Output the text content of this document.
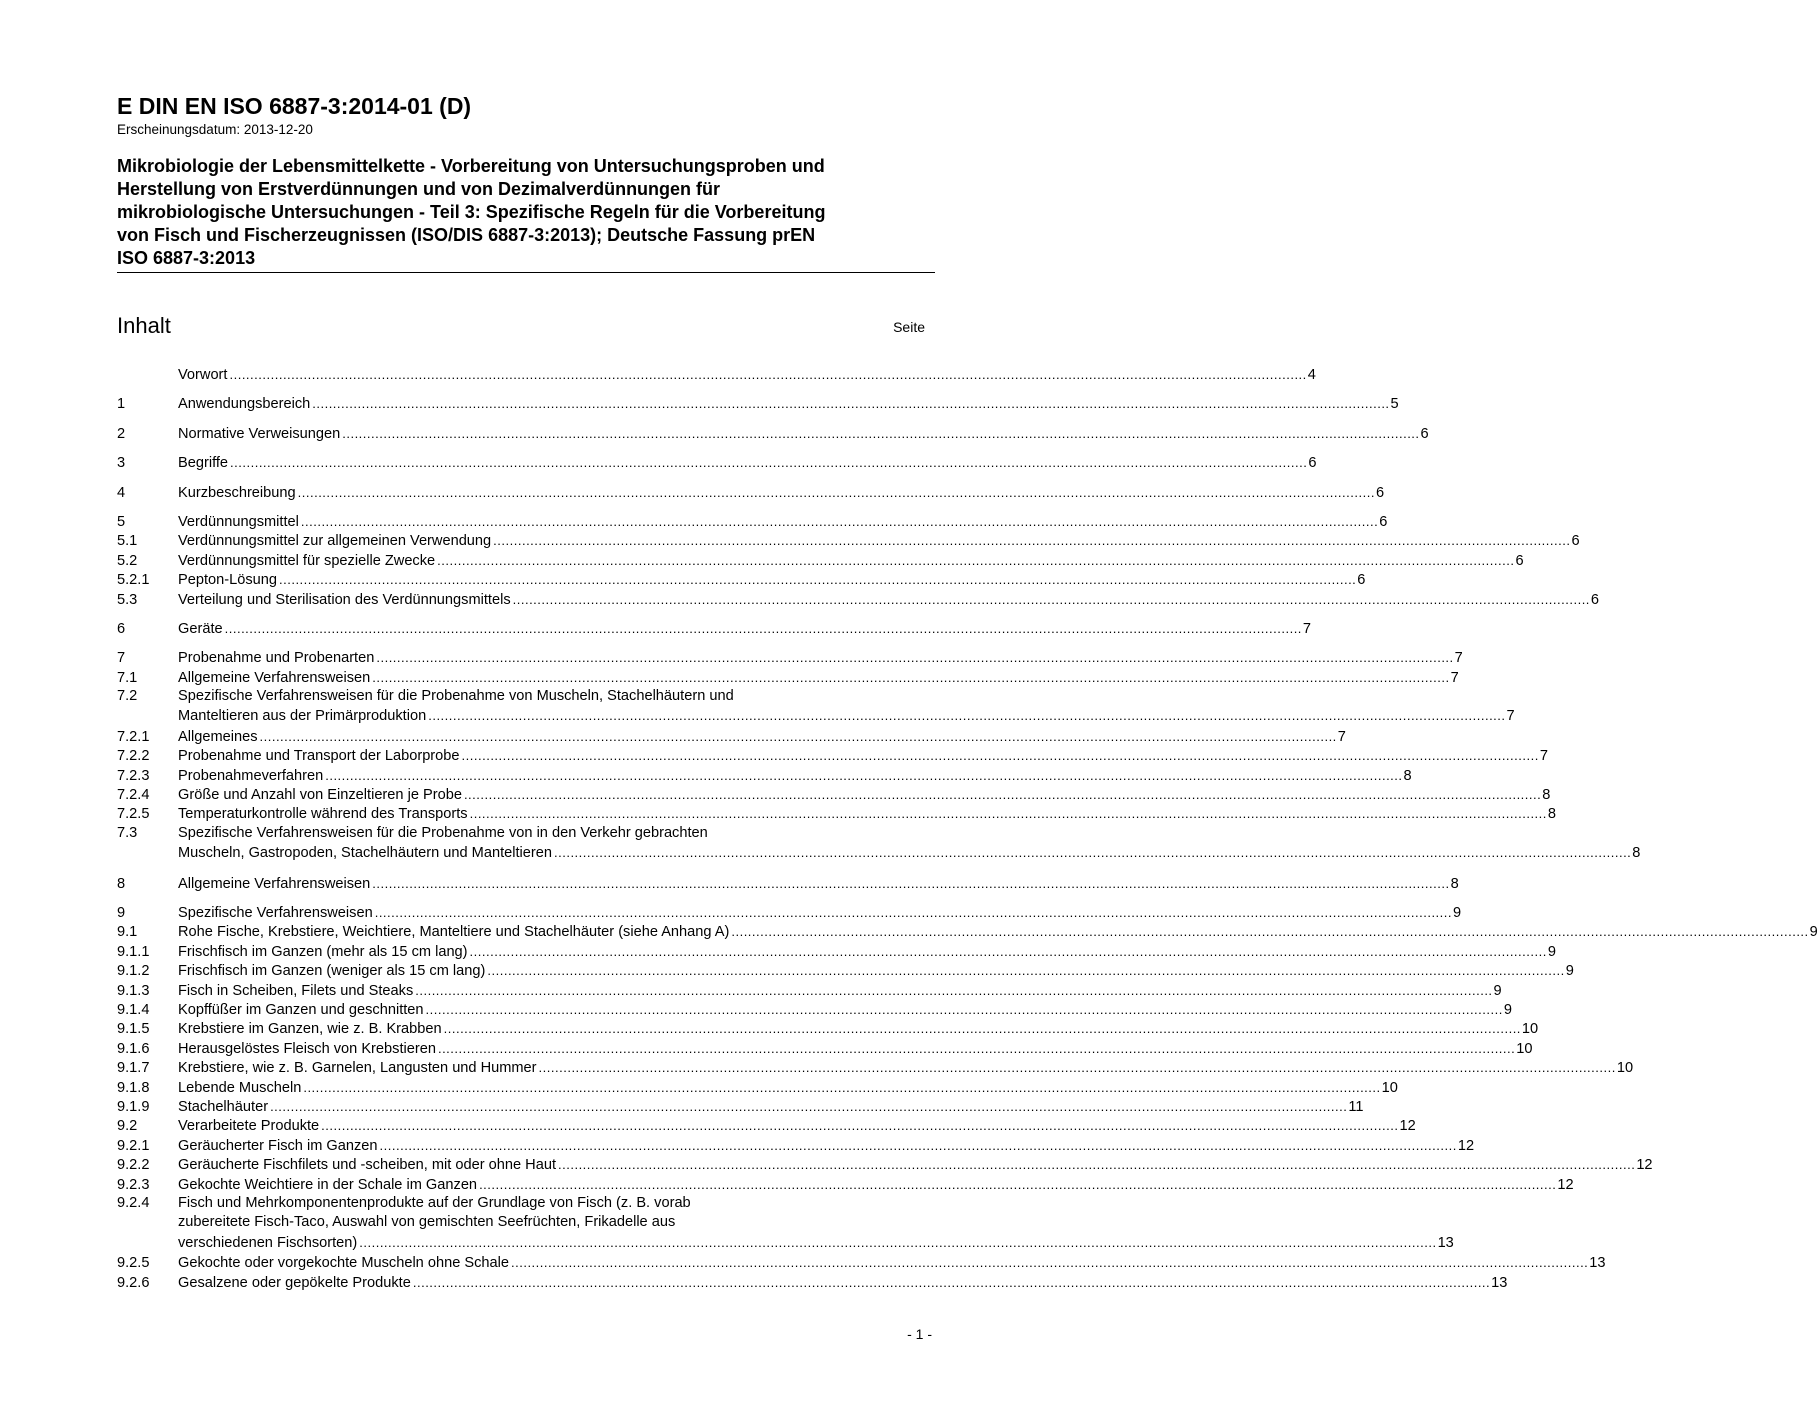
E DIN EN ISO 6887-3:2014-01 (D)
Erscheinungsdatum: 2013-12-20
Mikrobiologie der Lebensmittelkette - Vorbereitung von Untersuchungsproben und
Herstellung von Erstverdünnungen und von Dezimalverdünnungen für
mikrobiologische Untersuchungen - Teil 3: Spezifische Regeln für die Vorbereitung
von Fisch und Fischerzeugnissen (ISO/DIS 6887-3:2013); Deutsche Fassung prEN
ISO 6887-3:2013
Inhalt	Seite
Vorwort .....	4
1	Anwendungsbereich .....	5
2	Normative Verweisungen .....	6
3	Begriffe .....	6
4	Kurzbeschreibung .....	6
5	Verdünnungsmittel .....	6
5.1	Verdünnungsmittel zur allgemeinen Verwendung .....	6
5.2	Verdünnungsmittel für spezielle Zwecke .....	6
5.2.1	Pepton-Lösung .....	6
5.3	Verteilung und Sterilisation des Verdünnungsmittels .....	6
6	Geräte .....	7
7	Probenahme und Probenarten .....	7
7.1	Allgemeine Verfahrensweisen .....	7
7.2	Spezifische Verfahrensweisen für die Probenahme von Muscheln, Stachelhäutern und
Manteltieren aus der Primärproduktion .....	7
7.2.1	Allgemeines .....	7
7.2.2	Probenahme und Transport der Laborprobe .....	7
7.2.3	Probenahmeverfahren .....	8
7.2.4	Größe und Anzahl von Einzeltieren je Probe .....	8
7.2.5	Temperaturkontrolle während des Transports .....	8
7.3	Spezifische Verfahrensweisen für die Probenahme von in den Verkehr gebrachten
Muscheln, Gastropoden, Stachelhäutern und Manteltieren .....	8
8	Allgemeine Verfahrensweisen .....	8
9	Spezifische Verfahrensweisen .....	9
9.1	Rohe Fische, Krebstiere, Weichtiere, Manteltiere und Stachelhäuter (siehe Anhang A) .....	9
9.1.1	Frischfisch im Ganzen (mehr als 15 cm lang) .....	9
9.1.2	Frischfisch im Ganzen (weniger als 15 cm lang) .....	9
9.1.3	Fisch in Scheiben, Filets und Steaks .....	9
9.1.4	Kopffüßer im Ganzen und geschnitten .....	9
9.1.5	Krebstiere im Ganzen, wie z. B. Krabben .....	10
9.1.6	Herausgelöstes Fleisch von Krebstieren .....	10
9.1.7	Krebstiere, wie z. B. Garnelen, Langusten und Hummer .....	10
9.1.8	Lebende Muscheln .....	10
9.1.9	Stachelhäuter .....	11
9.2	Verarbeitete Produkte .....	12
9.2.1	Geräucherter Fisch im Ganzen .....	12
9.2.2	Geräucherte Fischfilets und -scheiben, mit oder ohne Haut .....	12
9.2.3	Gekochte Weichtiere in der Schale im Ganzen .....	12
9.2.4	Fisch und Mehrkomponentenprodukte auf der Grundlage von Fisch (z. B. vorab
zubereitete Fisch-Taco, Auswahl von gemischten Seefrüchten, Frikadelle aus
verschiedenen Fischsorten) .....	13
9.2.5	Gekochte oder vorgekochte Muscheln ohne Schale .....	13
9.2.6	Gesalzene oder gepökelte Produkte .....	13
- 1 -
